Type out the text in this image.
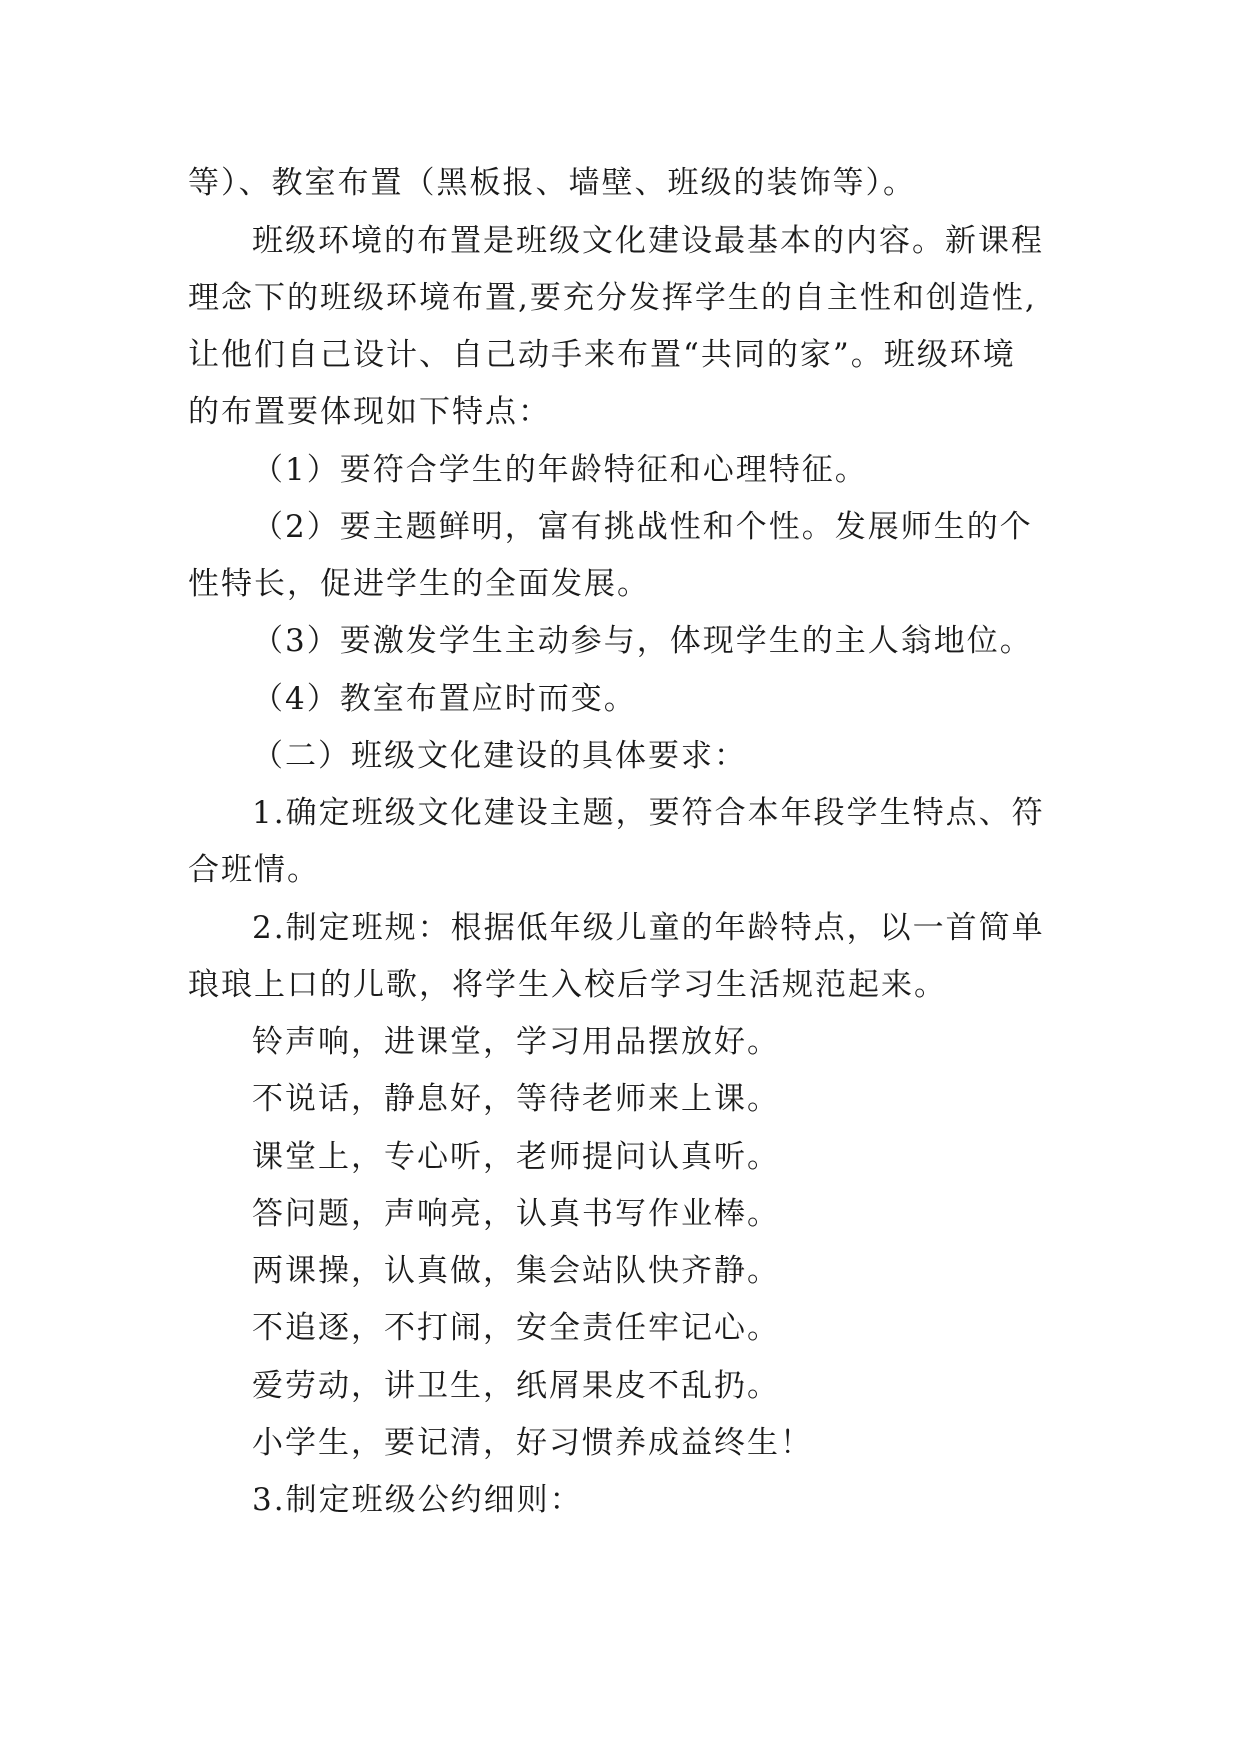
等）、教室布置（黑板报、墙壁、班级的装饰等）。
班级环境的布置是班级文化建设最基本的内容。新课程
理念下的班级环境布置,要充分发挥学生的自主性和创造性,
让他们自己设计、自己动手来布置“共同的家”。班级环境
的布置要体现如下特点：
（1）要符合学生的年龄特征和心理特征。
（2）要主题鲜明，富有挑战性和个性。发展师生的个
性特长，促进学生的全面发展。
（3）要激发学生主动参与，体现学生的主人翁地位。
（4）教室布置应时而变。
（二）班级文化建设的具体要求：
1.确定班级文化建设主题，要符合本年段学生特点、符
合班情。
2.制定班规：根据低年级儿童的年龄特点，以一首简单
琅琅上口的儿歌，将学生入校后学习生活规范起来。
铃声响，进课堂，学习用品摆放好。
不说话，静息好，等待老师来上课。
课堂上，专心听，老师提问认真听。
答问题，声响亮，认真书写作业棒。
两课操，认真做，集会站队快齐静。
不追逐，不打闹，安全责任牢记心。
爱劳动，讲卫生，纸屑果皮不乱扔。
小学生，要记清，好习惯养成益终生！
3.制定班级公约细则：
